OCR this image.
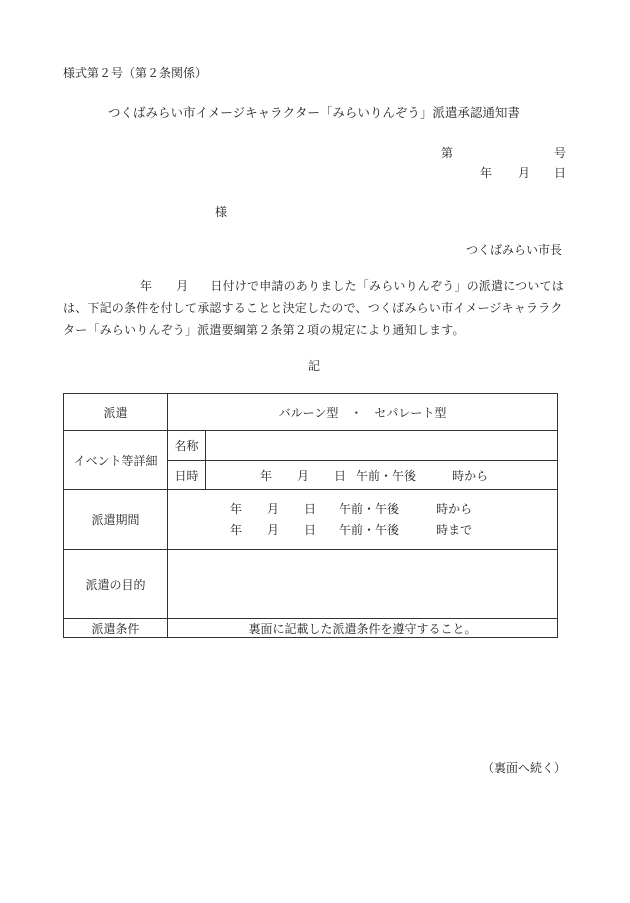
様式第２号（第２条関係）
つくばみらい市イメージキャラクター「みらいりんぞう」派遣承認通知書
第	号
年 月 日
様
つくばみらい市長
年 月 日付けで申請のありました「みらいりんぞう」の派遣については
は、下記の条件を付して承認することと決定したので、つくばみらい市イメージキャララク
ター「みらいりんぞう」派遣要綱第２条第２項の規定により通知します。
記
派遣	バルーン型　・　セパレート型	
イベント等詳細	名称	
	日時	年 月 日 午前・午後 時から
派遣期間	年 月 日 午前・午後 時から
年 月 日 午前・午後 時まで	

派遣の目的		
派遣条件	裏面に記載した派遣条件を遵守すること。	
（裏面へ続く）
